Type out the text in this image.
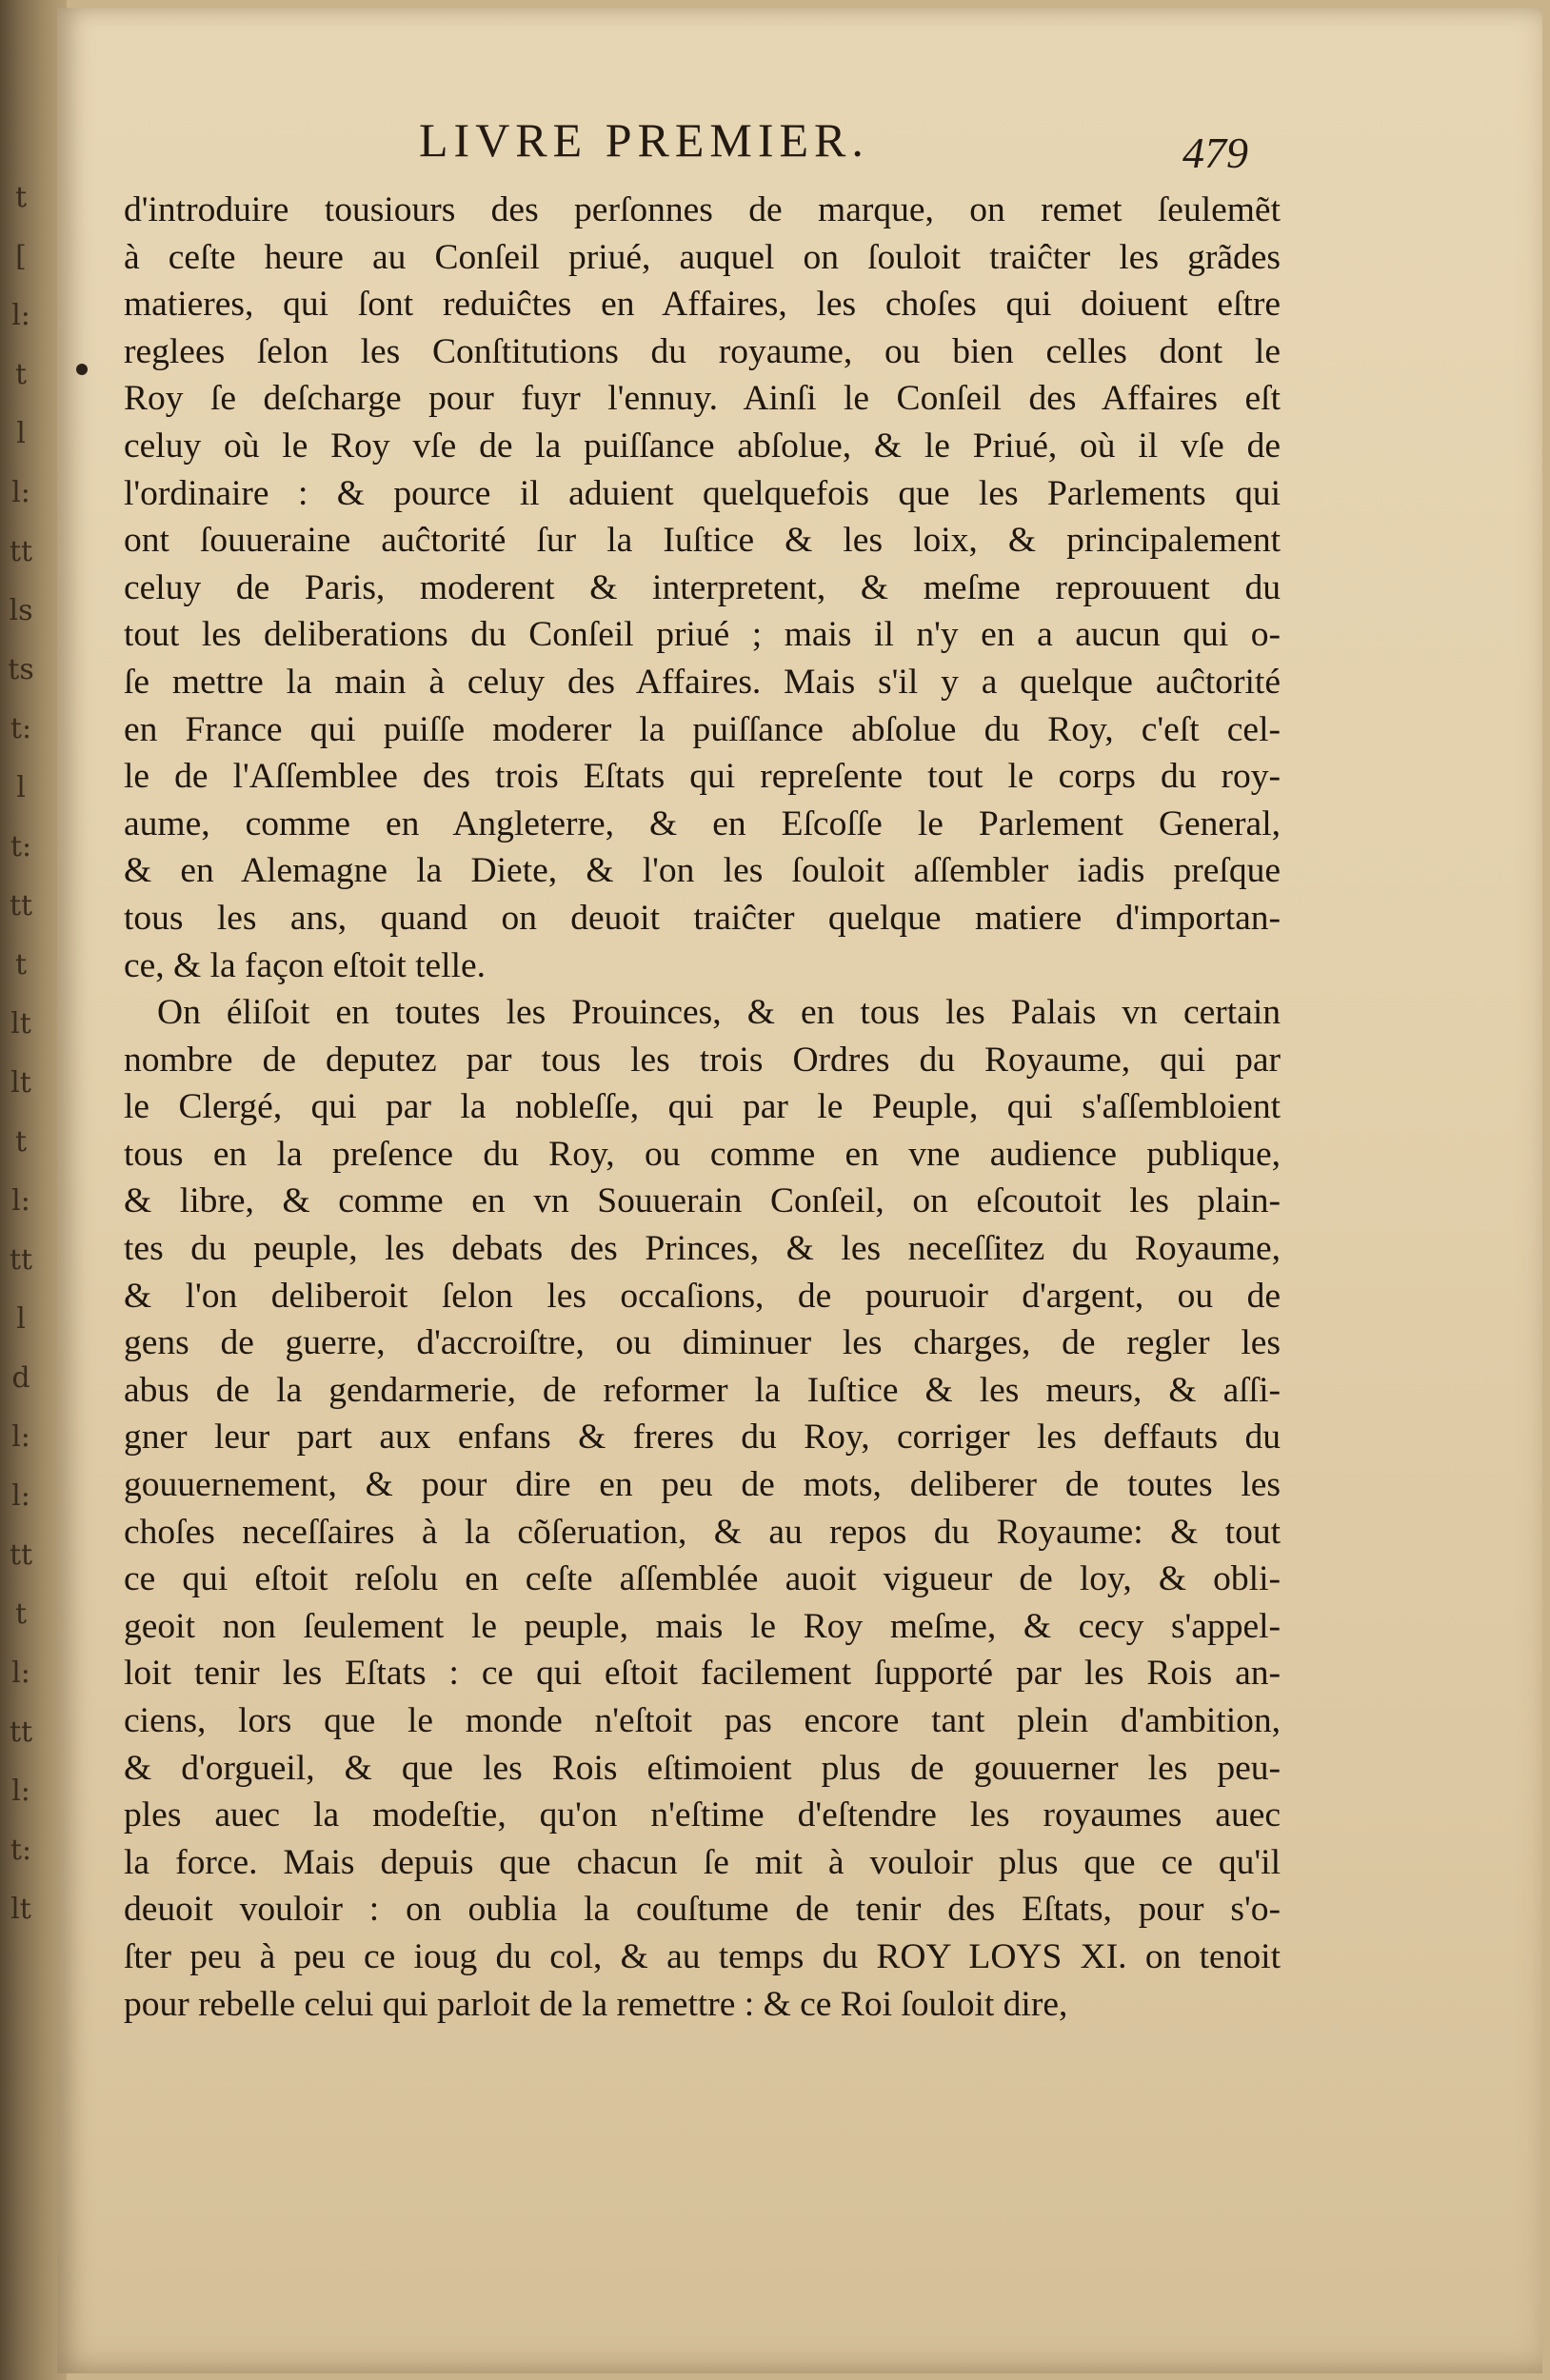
t
[
l:
t
l
l:
tt
ls
ts
t:
l
t:
tt
t
lt
lt
t
l:
tt
l
d
l:
l:
tt
t
l:
tt
l:
t:
lt
LIVRE PREMIER.	479
d'introduire tousiours des perſonnes de marque, on remet ſeulemẽt
à ceſte heure au Conſeil priué, auquel on ſouloit traiĉter les grãdes
matieres, qui ſont reduiĉtes en Affaires, les choſes qui doiuent eſtre
reglees ſelon les Conſtitutions du royaume, ou bien celles dont le
Roy ſe deſcharge pour fuyr l'ennuy. Ainſi le Conſeil des Affaires eſt
celuy où le Roy vſe de la puiſſance abſolue, & le Priué, où il vſe de
l'ordinaire : & pource il aduient quelquefois que les Parlements qui
ont ſouueraine auĉtorité ſur la Iuſtice & les loix, & principalement
celuy de Paris, moderent & interpretent, & meſme reprouuent du
tout les deliberations du Conſeil priué ; mais il n'y en a aucun qui o-
ſe mettre la main à celuy des Affaires. Mais s'il y a quelque auĉtorité
en France qui puiſſe moderer la puiſſance abſolue du Roy, c'eſt cel-
le de l'Aſſemblee des trois Eſtats qui repreſente tout le corps du roy-
aume, comme en Angleterre, & en Eſcoſſe le Parlement General,
& en Alemagne la Diete, & l'on les ſouloit aſſembler iadis preſque
tous les ans, quand on deuoit traiĉter quelque matiere d'importan-
ce, & la façon eſtoit telle.
On éliſoit en toutes les Prouinces, & en tous les Palais vn certain
nombre de deputez par tous les trois Ordres du Royaume, qui par
le Clergé, qui par la nobleſſe, qui par le Peuple, qui s'aſſembloient
tous en la preſence du Roy, ou comme en vne audience publique,
& libre, & comme en vn Souuerain Conſeil, on eſcoutoit les plain-
tes du peuple, les debats des Princes, & les neceſſitez du Royaume,
& l'on deliberoit ſelon les occaſions, de pouruoir d'argent, ou de
gens de guerre, d'accroiſtre, ou diminuer les charges, de regler les
abus de la gendarmerie, de reformer la Iuſtice & les meurs, & aſſi-
gner leur part aux enfans & freres du Roy, corriger les deffauts du
gouuernement, & pour dire en peu de mots, deliberer de toutes les
choſes neceſſaires à la cõſeruation, & au repos du Royaume: & tout
ce qui eſtoit reſolu en ceſte aſſemblée auoit vigueur de loy, & obli-
geoit non ſeulement le peuple, mais le Roy meſme, & cecy s'appel-
loit tenir les Eſtats : ce qui eſtoit facilement ſupporté par les Rois an-
ciens, lors que le monde n'eſtoit pas encore tant plein d'ambition,
& d'orgueil, & que les Rois eſtimoient plus de gouuerner les peu-
ples auec la modeſtie, qu'on n'eſtime d'eſtendre les royaumes auec
la force. Mais depuis que chacun ſe mit à vouloir plus que ce qu'il
deuoit vouloir : on oublia la couſtume de tenir des Eſtats, pour s'o-
ſter peu à peu ce ioug du col, & au temps du ROY LOYS XI. on tenoit
pour rebelle celui qui parloit de la remettre : & ce Roi ſouloit dire,
